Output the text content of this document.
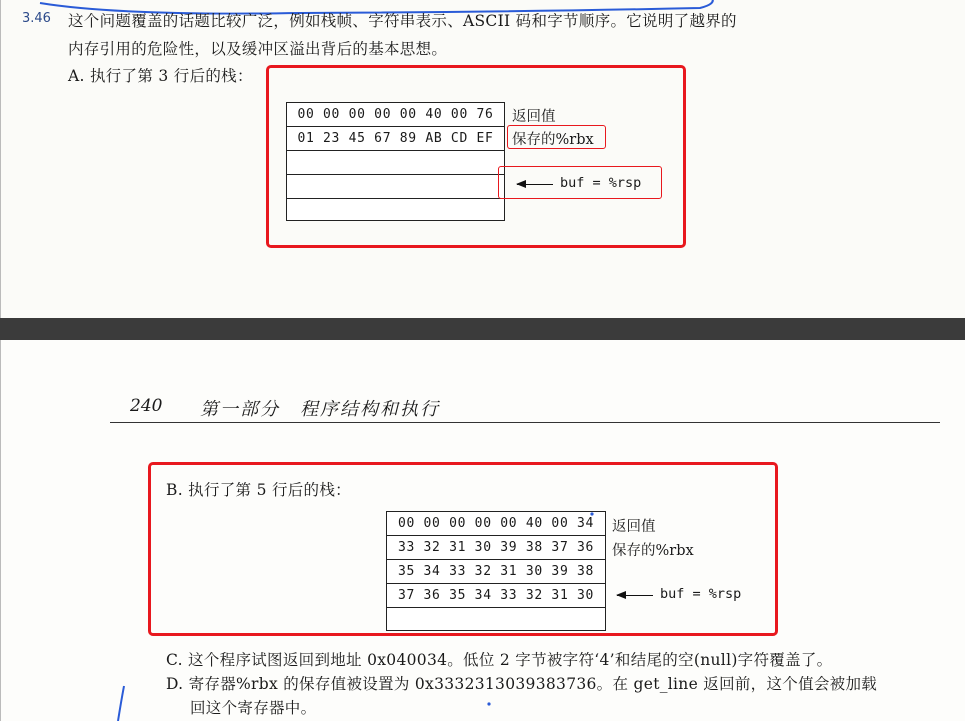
3.46 这个问题覆盖的话题比较广泛，例如栈帧、字符串表示、ASCII 码和字节顺序。它说明了越界的
内存引用的危险性，以及缓冲区溢出背后的基本思想。
A. 执行了第 3 行后的栈：
00 00 00 00 00 40 00 76
01 23 45 67 89 AB CD EF
返回值
保存的%rbx
buf = %rsp
240 第一部分　程序结构和执行
B. 执行了第 5 行后的栈：
00 00 00 00 00 40 00 34
33 32 31 30 39 38 37 36
35 34 33 32 31 30 39 38
37 36 35 34 33 32 31 30
返回值
保存的%rbx
buf = %rsp
C. 这个程序试图返回到地址 0x040034。低位 2 字节被字符‘4’和结尾的空(null)字符覆盖了。
D. 寄存器%rbx 的保存值被设置为 0x3332313039383736。在 get_line 返回前，这个值会被加载
回这个寄存器中。
